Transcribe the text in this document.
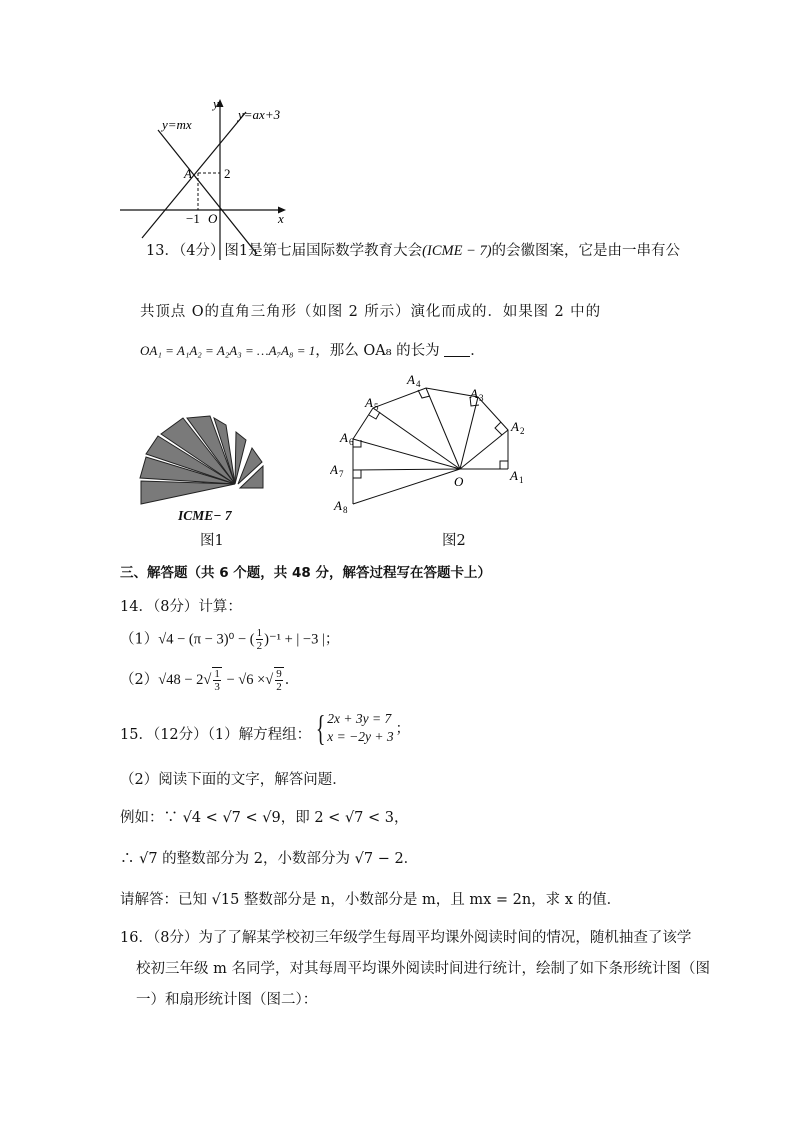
y
x
y=mx
y=ax+3
A 2
−1 O
13．（4分）图1是第七届国际数学教育大会(ICME − 7)的会徽图案，它是由一串有公
共顶点 O的直角三角形（如图 2 所示）演化而成的．如果图 2 中的
OA₁ = A₁A₂ = A₂A₃ = …A₇A₈ = 1，那么 OA₈ 的长为 ．
ICME− 7
图1
A 1
A 2
A 3
A 4
A 5
A 6
A 7
A 8
O
图2
三、解答题（共 6 个题，共 48 分，解答过程写在答题卡上）
14．（8分）计算：
（1）√4 − (π − 3)⁰ − ( $\frac{1}{2} )^{-1}$ + | −3 |；
$(2)√48 - 2√ \frac{1}{3} - √6$ ×√ $\frac{9}{2}$ ．
15．（12分）（1）解方程组： { 2x + 3y = 7
x = −2y + 3 ；
（2）阅读下面的文字，解答问题．
例如：∵ √4 < √7 < √9，即 2 < √7 < 3，
∴ √7 的整数部分为 2，小数部分为 √7 − 2．
请解答：已知 √15 整数部分是 n，小数部分是 m，且 mx = 2n，求 x 的值．
16．（8分）为了了解某学校初三年级学生每周平均课外阅读时间的情况，随机抽查了该学
校初三年级 m 名同学，对其每周平均课外阅读时间进行统计，绘制了如下条形统计图（图
一）和扇形统计图（图二）：
